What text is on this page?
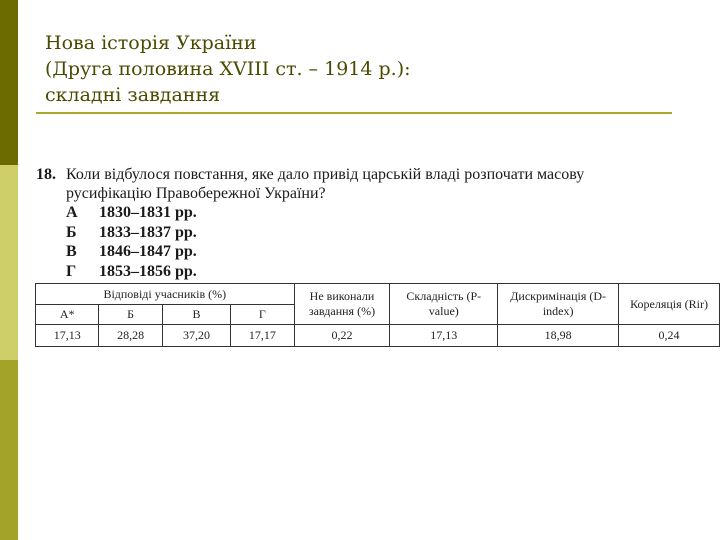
Нова історія України
(Друга половина XVIII ст. – 1914 р.):
складні завдання
18. Коли відбулося повстання, яке дало привід царській владі розпочати масову
русифікацію Правобережної України?
А	1830–1831 рр.
Б	1833–1837 рр.
В	1846–1847 рр.
Г	1853–1856 рр.
Відповіді учасників (%)				Не виконали завдання (%)	Складність (P-value)	Дискримінація (D-index)	Кореляція (Rir)
А*	Б	В	Г				
17,13	28,28	37,20	17,17	0,22	17,13	18,98	0,24
